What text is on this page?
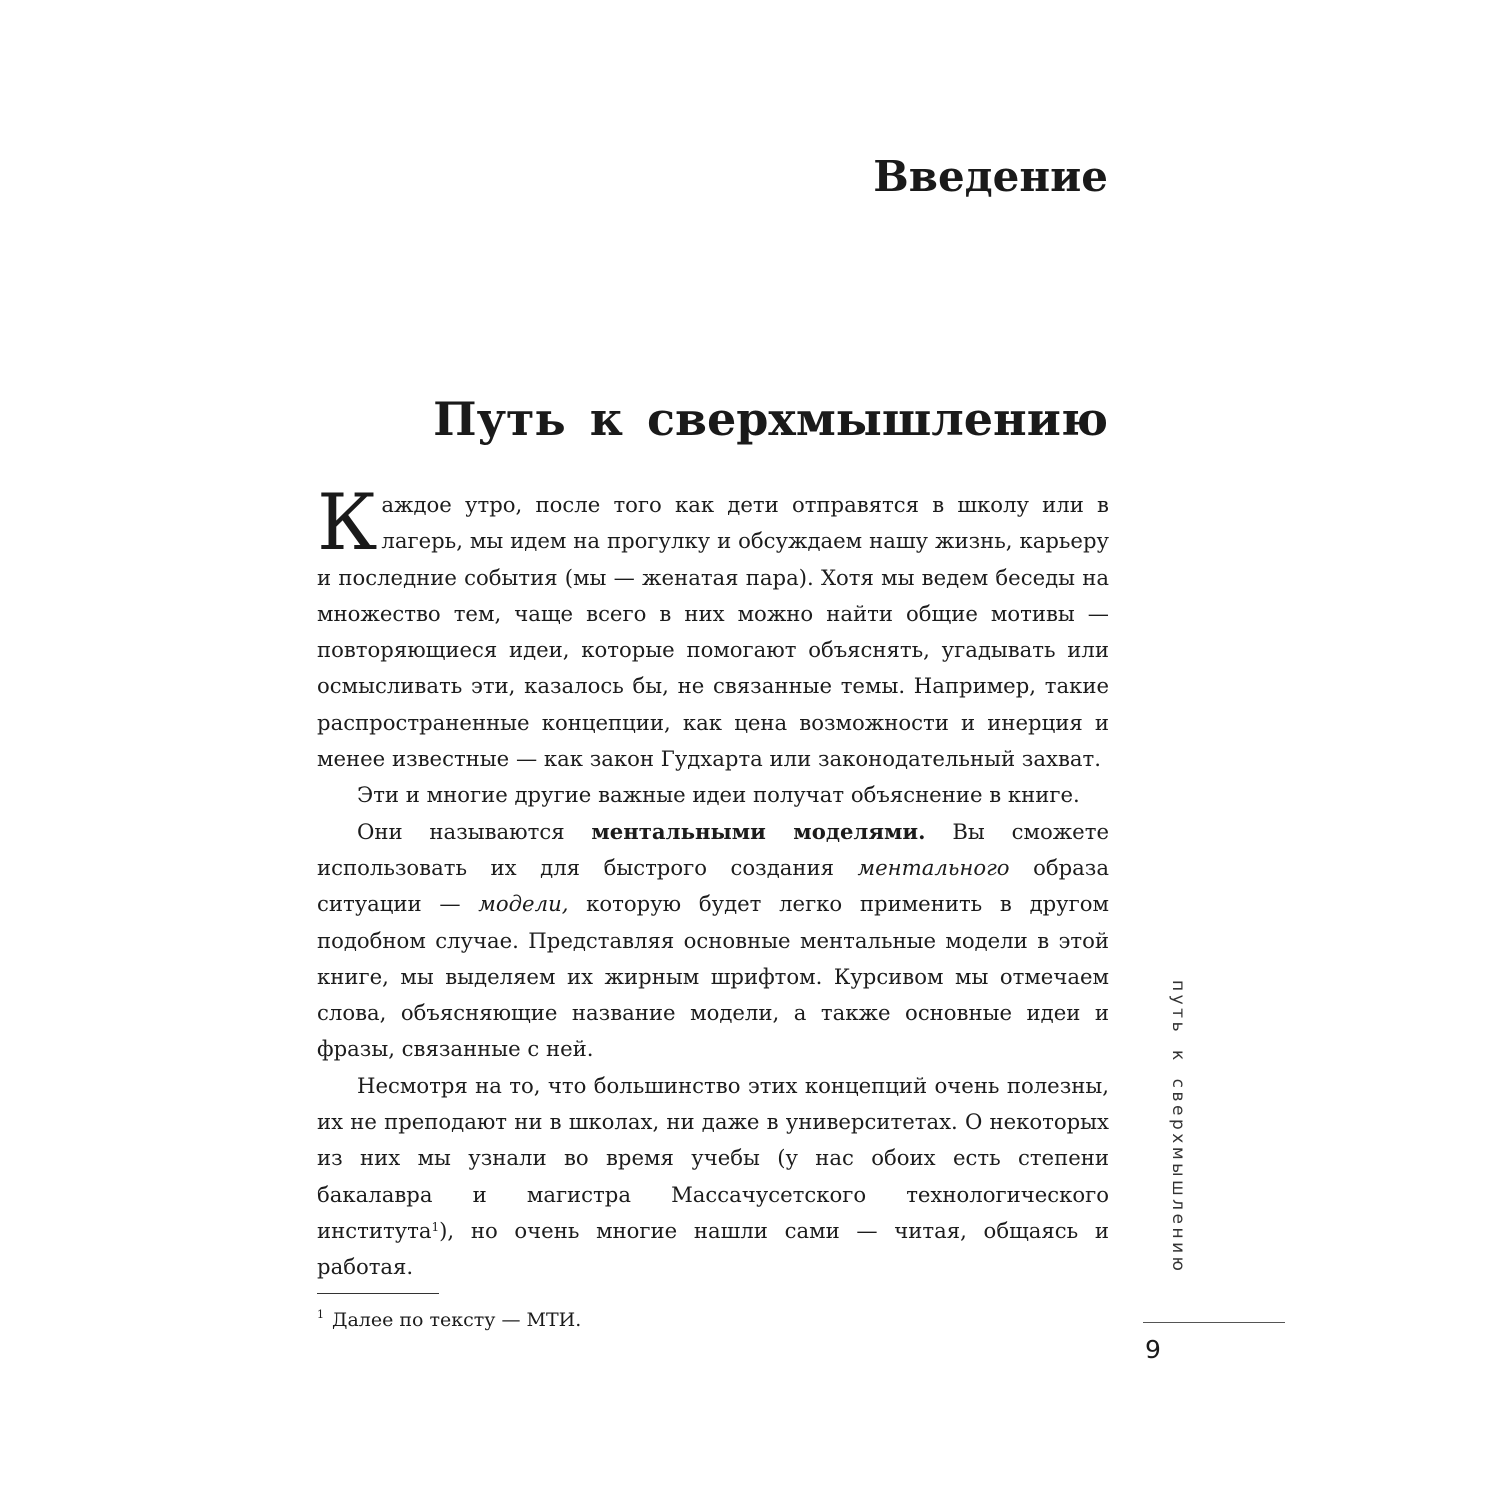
Введение
Путь к сверхмышлению

Каждое утро, после того как дети отправятся в школу или в лагерь, мы идем на прогулку и обсуждаем нашу жизнь, карьеру и последние события (мы — женатая пара). Хотя мы ведем беседы на множество тем, чаще всего в них можно найти общие мотивы — повторяющиеся идеи, которые помогают объяснять, угадывать или осмысливать эти, казалось бы, не связанные темы. Например, такие распространенные концепции, как цена возможности и инерция и менее известные — как закон Гудхарта или законодательный захват.

Эти и многие другие важные идеи получат объяснение в книге.

Они называются ментальными моделями. Вы сможете использовать их для быстрого создания ментального образа ситуации — модели, которую будет легко применить в другом подобном случае. Представляя основные ментальные модели в этой книге, мы выделяем их жирным шрифтом. Курсивом мы отмечаем слова, объясняющие название модели, а также основные идеи и фразы, связанные с ней.

Несмотря на то, что большинство этих концепций очень полезны, их не преподают ни в школах, ни даже в университетах. О некоторых из них мы узнали во время учебы (у нас обоих есть степени бакалавра и магистра Массачусетского технологического института$^1$), но очень многие нашли сами — читая, общаясь и работая.

$^1$ Далее по тексту — МТИ.
путь к сверхмышлению
9
